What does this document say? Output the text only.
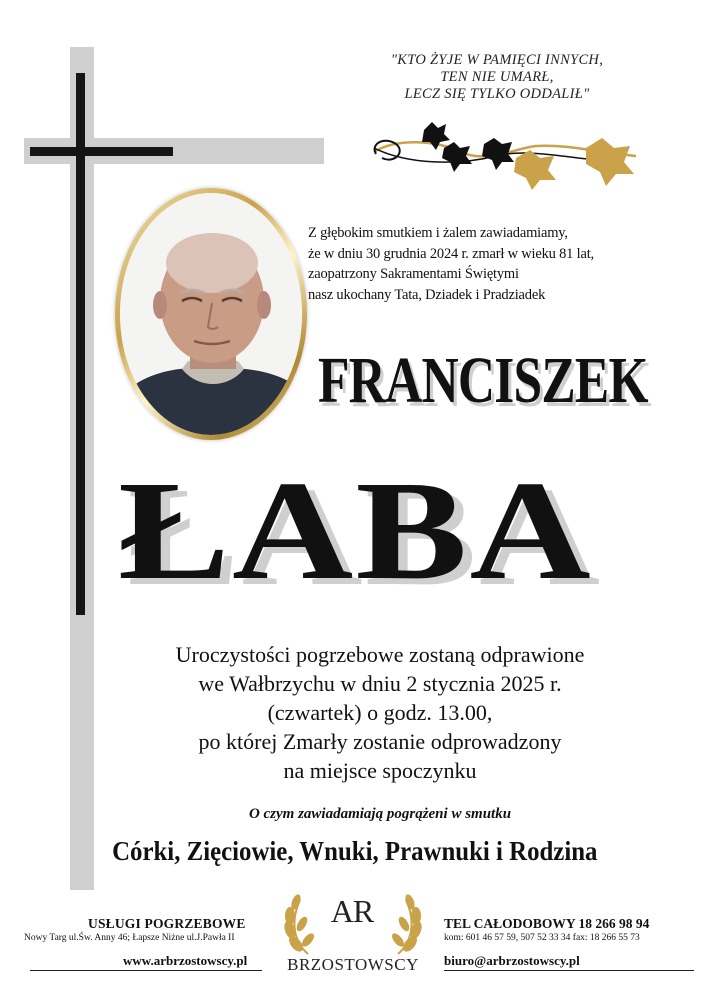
"KTO ŻYJE W PAMIĘCI INNYCH,
TEN NIE UMARŁ,
LECZ SIĘ TYLKO ODDALIŁ"
Z głębokim smutkiem i żalem zawiadamiamy,
że w dniu 30 grudnia 2024 r. zmarł w wieku 81 lat,
zaopatrzony Sakramentami Świętymi
nasz ukochany Tata, Dziadek i Pradziadek
FRANCISZEK
ŁABA
Uroczystości pogrzebowe zostaną odprawione
we Wałbrzychu w dniu 2 stycznia 2025 r.
(czwartek) o godz. 13.00,
po której Zmarły zostanie odprowadzony
na miejsce spoczynku
O czym zawiadamiają pogrążeni w smutku
Córki, Zięciowie, Wnuki, Prawnuki i Rodzina
USŁUGI POGRZEBOWE
Nowy Targ ul.Św. Anny 46; Łapsze Niżne ul.J.Pawła II
www.arbrzostowscy.pl
AR
BRZOSTOWSCY
TEL CAŁODOBOWY 18 266 98 94
kom: 601 46 57 59, 507 52 33 34 fax: 18 266 55 73
biuro@arbrzostowscy.pl
